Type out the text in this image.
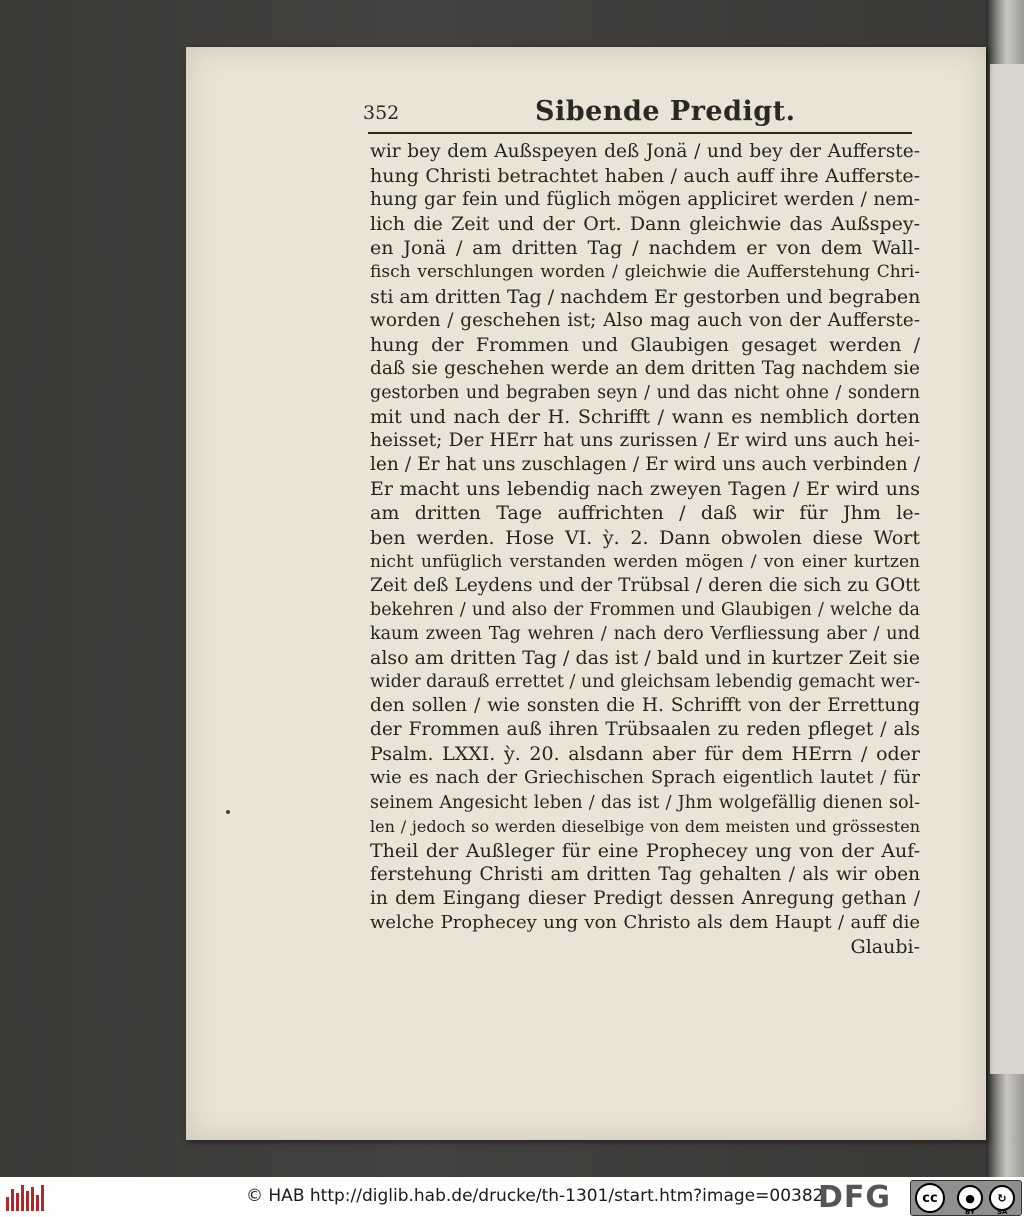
352	Sibende Predigt.
wir bey dem Außspeyen deß Jonä / und bey der Aufferste-
hung Christi betrachtet haben / auch auff ihre Aufferste-
hung gar fein und füglich mögen appliciret werden / nem-
lich die Zeit und der Ort. Dann gleichwie das Außspey-
en Jonä / am dritten Tag / nachdem er von dem Wall-
fisch verschlungen worden / gleichwie die Aufferstehung Chri-
sti am dritten Tag / nachdem Er gestorben und begraben
worden / geschehen ist; Also mag auch von der Aufferste-
hung der Frommen und Glaubigen gesaget werden /
daß sie geschehen werde an dem dritten Tag nachdem sie
gestorben und begraben seyn / und das nicht ohne / sondern
mit und nach der H. Schrifft / wann es nemblich dorten
heisset; Der HErr hat uns zurissen / Er wird uns auch hei-
len / Er hat uns zuschlagen / Er wird uns auch verbinden /
Er macht uns lebendig nach zweyen Tagen / Er wird uns
am dritten Tage auffrichten / daß wir für Jhm le-
ben werden. Hose VI. ỳ. 2. Dann obwolen diese Wort
nicht unfüglich verstanden werden mögen / von einer kurtzen
Zeit deß Leydens und der Trübsal / deren die sich zu GOtt
bekehren / und also der Frommen und Glaubigen / welche da
kaum zween Tag wehren / nach dero Verfliessung aber / und
also am dritten Tag / das ist / bald und in kurtzer Zeit sie
wider darauß errettet / und gleichsam lebendig gemacht wer-
den sollen / wie sonsten die H. Schrifft von der Errettung
der Frommen auß ihren Trübsaalen zu reden pfleget / als
Psalm. LXXI. ỳ. 20. alsdann aber für dem HErrn / oder
wie es nach der Griechischen Sprach eigentlich lautet / für
seinem Angesicht leben / das ist / Jhm wolgefällig dienen sol-
len / jedoch so werden dieselbige von dem meisten und grössesten
Theil der Außleger für eine Prophecey ung von der Auf-
ferstehung Christi am dritten Tag gehalten / als wir oben
in dem Eingang dieser Predigt dessen Anregung gethan /
welche Prophecey ung von Christo als dem Haupt / auff die
Glaubi-
© HAB http://diglib.hab.de/drucke/th-1301/start.htm?image=00382
DFG	cc	●	↻
BY	SA
